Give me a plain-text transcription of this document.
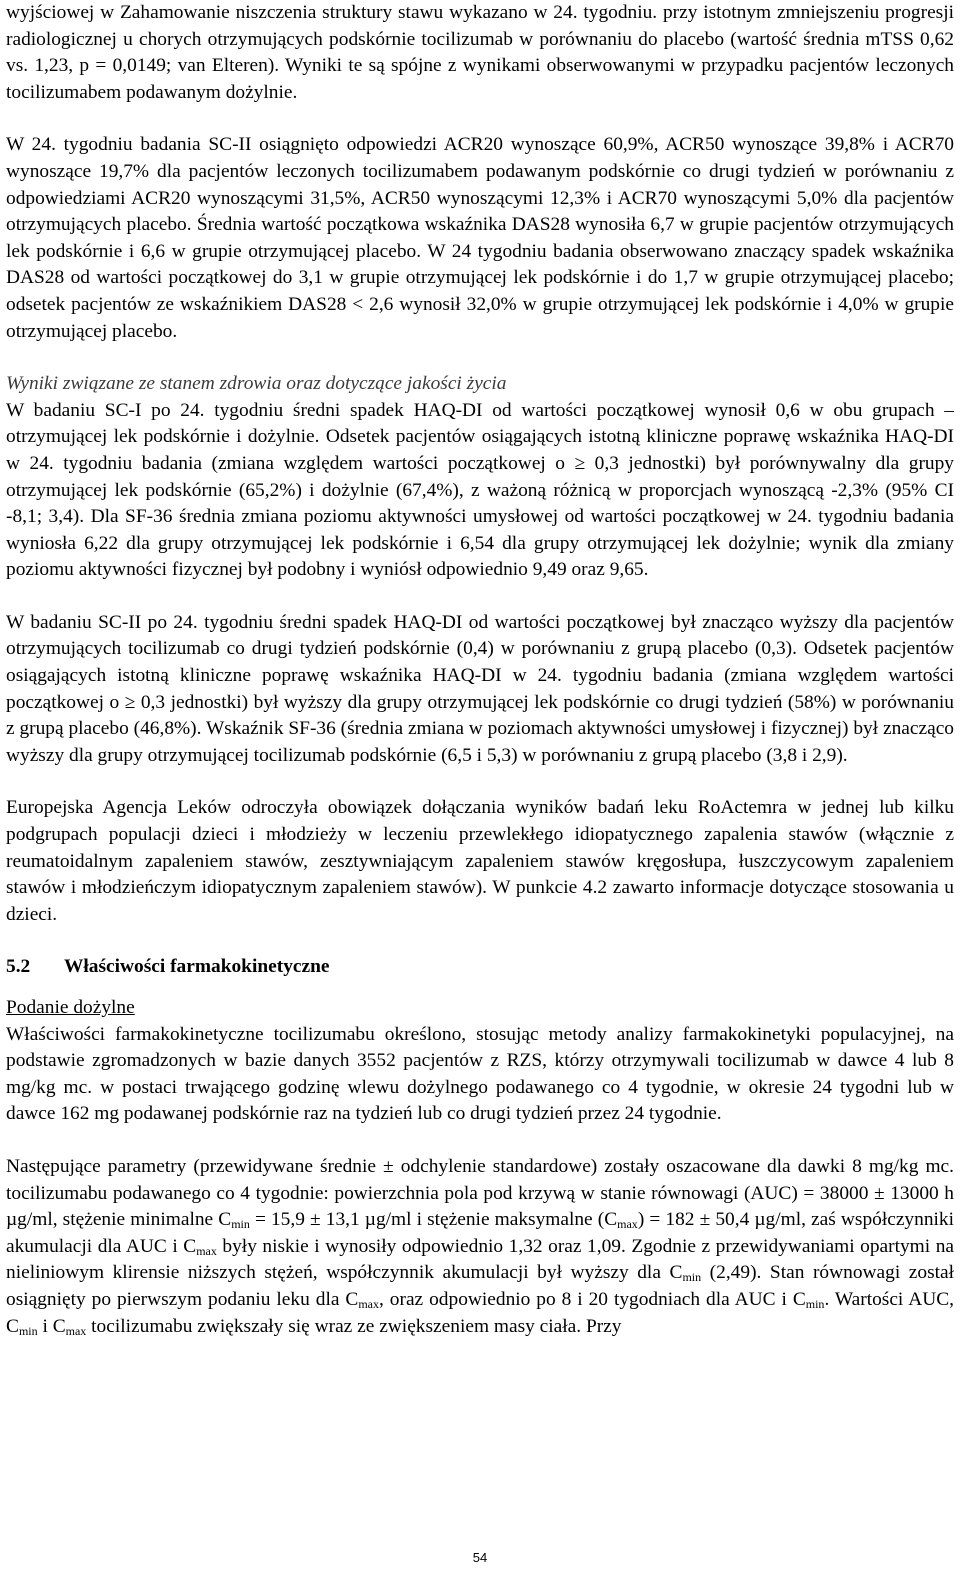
wyjściowej w Zahamowanie niszczenia struktury stawu wykazano w 24. tygodniu. przy istotnym zmniejszeniu progresji radiologicznej u chorych otrzymujących podskórnie tocilizumab w porównaniu do placebo (wartość średnia mTSS 0,62 vs. 1,23, p = 0,0149; van Elteren). Wyniki te są spójne z wynikami obserwowanymi w przypadku pacjentów leczonych tocilizumabem podawanym dożylnie.

W 24. tygodniu badania SC-II osiągnięto odpowiedzi ACR20 wynoszące 60,9%, ACR50 wynoszące 39,8% i ACR70 wynoszące 19,7% dla pacjentów leczonych tocilizumabem podawanym podskórnie co drugi tydzień w porównaniu z odpowiedziami ACR20 wynoszącymi 31,5%, ACR50 wynoszącymi 12,3% i ACR70 wynoszącymi 5,0% dla pacjentów otrzymujących placebo. Średnia wartość początkowa wskaźnika DAS28 wynosiła 6,7 w grupie pacjentów otrzymujących lek podskórnie i 6,6 w grupie otrzymującej placebo. W 24 tygodniu badania obserwowano znaczący spadek wskaźnika DAS28 od wartości początkowej do 3,1 w grupie otrzymującej lek podskórnie i do 1,7 w grupie otrzymującej placebo; odsetek pacjentów ze wskaźnikiem DAS28 < 2,6 wynosił 32,0% w grupie otrzymującej lek podskórnie i 4,0% w grupie otrzymującej placebo.

Wyniki związane ze stanem zdrowia oraz dotyczące jakości życia

W badaniu SC-I po 24. tygodniu średni spadek HAQ-DI od wartości początkowej wynosił 0,6 w obu grupach – otrzymującej lek podskórnie i dożylnie. Odsetek pacjentów osiągających istotną kliniczne poprawę wskaźnika HAQ-DI w 24. tygodniu badania (zmiana względem wartości początkowej o ≥ 0,3 jednostki) był porównywalny dla grupy otrzymującej lek podskórnie (65,2%) i dożylnie (67,4%), z ważoną różnicą w proporcjach wynoszącą -2,3% (95% CI -8,1; 3,4). Dla SF-36 średnia zmiana poziomu aktywności umysłowej od wartości początkowej w 24. tygodniu badania wyniosła 6,22 dla grupy otrzymującej lek podskórnie i 6,54 dla grupy otrzymującej lek dożylnie; wynik dla zmiany poziomu aktywności fizycznej był podobny i wyniósł odpowiednio 9,49 oraz 9,65.

W badaniu SC-II po 24. tygodniu średni spadek HAQ-DI od wartości początkowej był znacząco wyższy dla pacjentów otrzymujących tocilizumab co drugi tydzień podskórnie (0,4) w porównaniu z grupą placebo (0,3). Odsetek pacjentów osiągających istotną kliniczne poprawę wskaźnika HAQ-DI w 24. tygodniu badania (zmiana względem wartości początkowej o ≥ 0,3 jednostki) był wyższy dla grupy otrzymującej lek podskórnie co drugi tydzień (58%) w porównaniu z grupą placebo (46,8%). Wskaźnik SF-36 (średnia zmiana w poziomach aktywności umysłowej i fizycznej) był znacząco wyższy dla grupy otrzymującej tocilizumab podskórnie (6,5 i 5,3) w porównaniu z grupą placebo (3,8 i 2,9).

Europejska Agencja Leków odroczyła obowiązek dołączania wyników badań leku RoActemra w jednej lub kilku podgrupach populacji dzieci i młodzieży w leczeniu przewlekłego idiopatycznego zapalenia stawów (włącznie z reumatoidalnym zapaleniem stawów, zesztywniającym zapaleniem stawów kręgosłupa, łuszczycowym zapaleniem stawów i młodzieńczym idiopatycznym zapaleniem stawów). W punkcie 4.2 zawarto informacje dotyczące stosowania u dzieci.

5.2 Właściwości farmakokinetyczne

Podanie dożylne

Właściwości farmakokinetyczne tocilizumabu określono, stosując metody analizy farmakokinetyki populacyjnej, na podstawie zgromadzonych w bazie danych 3552 pacjentów z RZS, którzy otrzymywali tocilizumab w dawce 4 lub 8 mg/kg mc. w postaci trwającego godzinę wlewu dożylnego podawanego co 4 tygodnie, w okresie 24 tygodni lub w dawce 162 mg podawanej podskórnie raz na tydzień lub co drugi tydzień przez 24 tygodnie.

Następujące parametry (przewidywane średnie ± odchylenie standardowe) zostały oszacowane dla dawki 8 mg/kg mc. tocilizumabu podawanego co 4 tygodnie: powierzchnia pola pod krzywą w stanie równowagi (AUC) = 38000 ± 13000 h µg/ml, stężenie minimalne $C_{min} = 15,9 \pm 13,1$ µg/ml i stężenie maksymalne $(C_{max}) = 182 \pm 50,4$ µg/ml, zaś współczynniki akumulacji dla AUC i $C_{max}$ były niskie i wynosiły odpowiednio 1,32 oraz 1,09. Zgodnie z przewidywaniami opartymi na nieliniowym klirensie niższych stężeń, współczynnik akumulacji był wyższy dla $C_{min}$ (2,49). Stan równowagi został osiągnięty po pierwszym podaniu leku dla $C_{max}$, oraz odpowiednio po 8 i 20 tygodniach dla AUC i $C_{min}$. Wartości AUC, $C_{min}$ i $C_{max}$ tocilizumabu zwiększały się wraz ze zwiększeniem masy ciała. Przy

54
